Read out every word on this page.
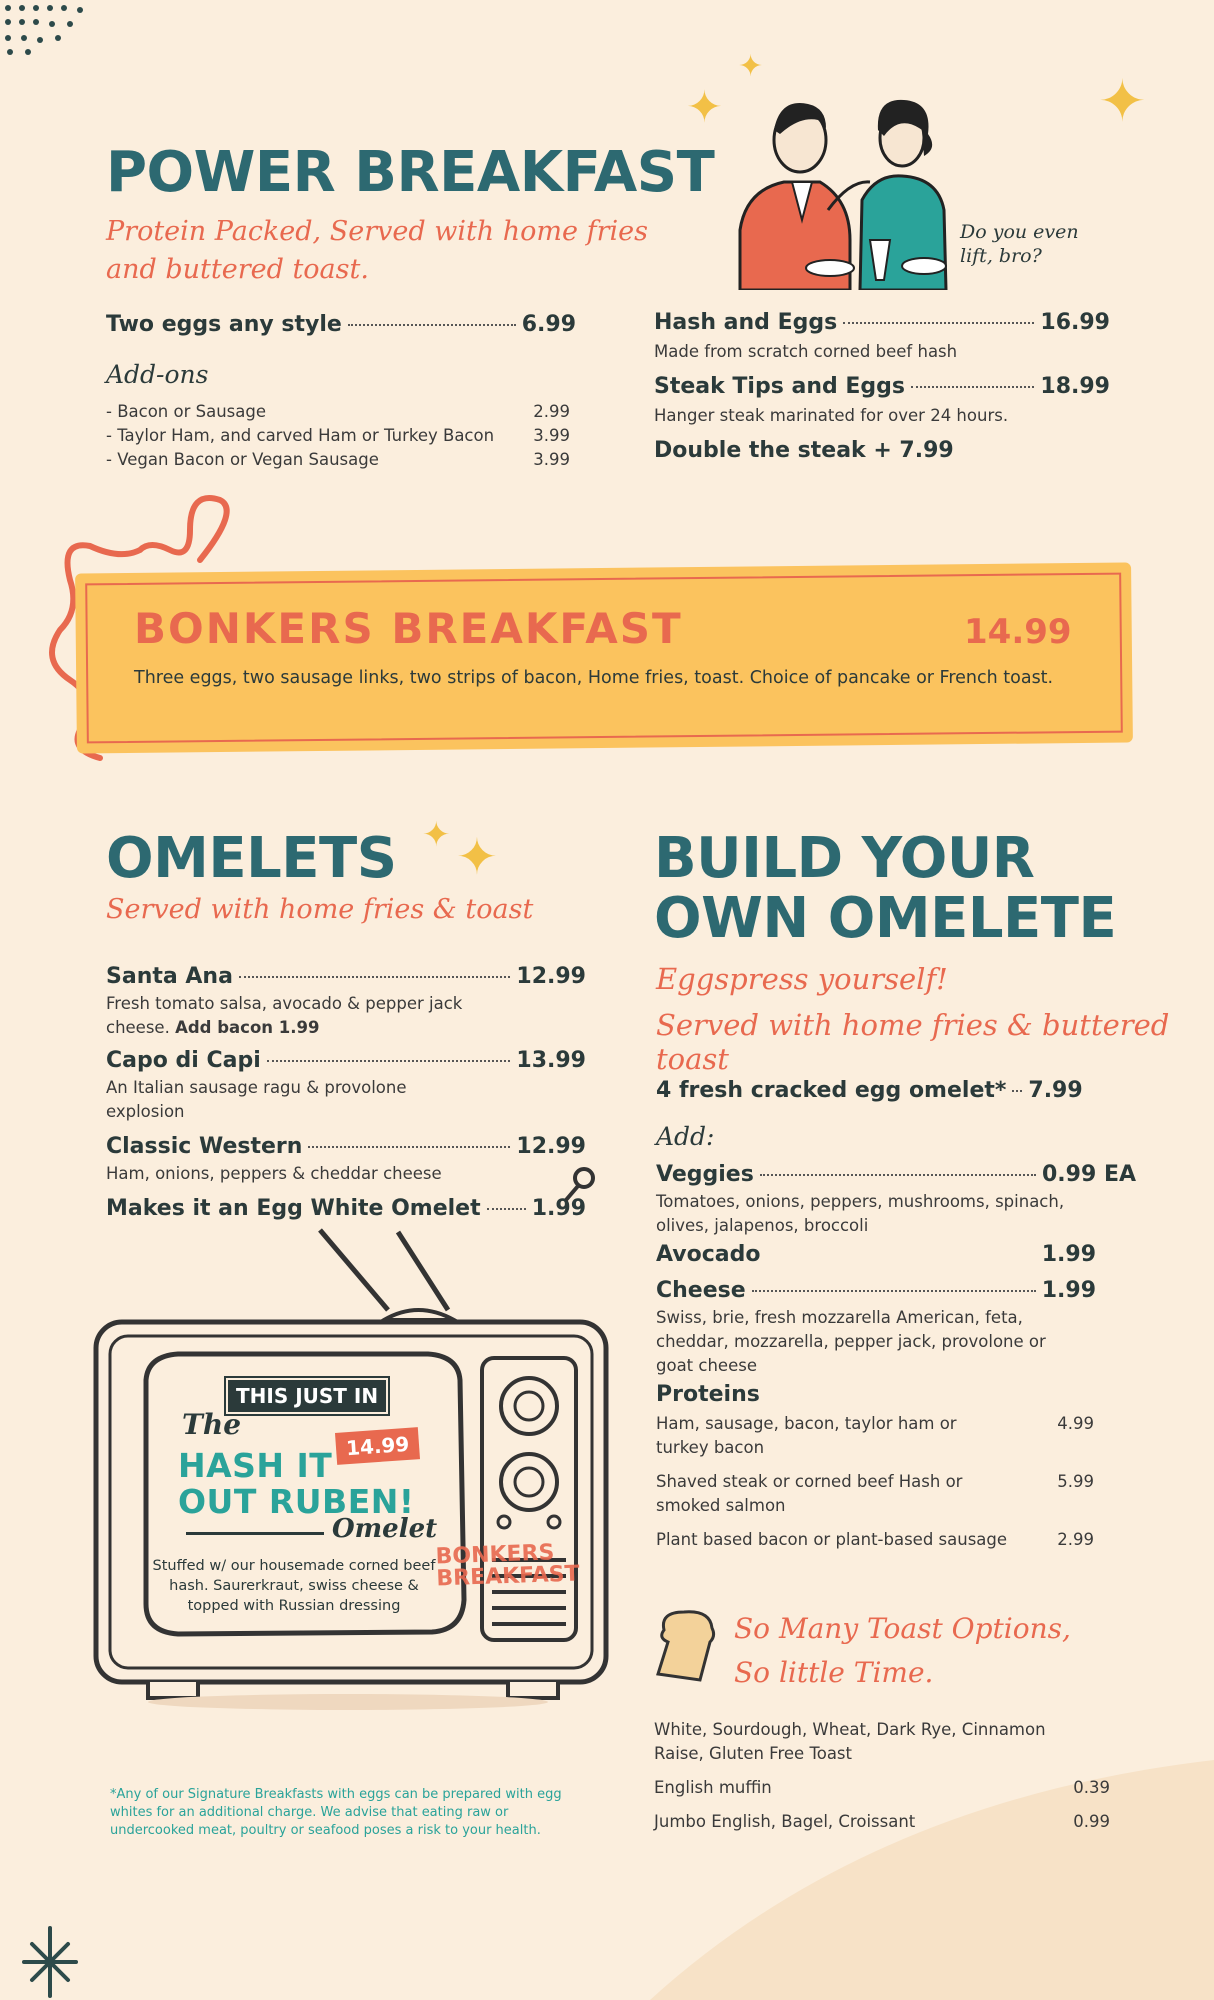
POWER BREAKFAST
Protein Packed, Served with home fries
and buttered toast.
Two eggs any style	6.99
Add-ons
- Bacon or Sausage	2.99
- Taylor Ham, and carved Ham or Turkey Bacon 3.99
- Vegan Bacon or Vegan Sausage	3.99
Do you even lift, bro?
✦
✦
✦
Hash and Eggs	16.99
Made from scratch corned beef hash
Steak Tips and Eggs	18.99
Hanger steak marinated for over 24 hours.
Double the steak + 7.99
BONKERS BREAKFAST	14.99
Three eggs, two sausage links, two strips of bacon, Home fries, toast. Choice of pancake or French toast.
OMELETS ✦ ✦
Served with home fries & toast
Santa Ana	12.99
Fresh tomato salsa, avocado & pepper jack cheese. Add bacon 1.99
Capo di Capi	13.99
An Italian sausage ragu & provolone explosion
Classic Western	12.99
Ham, onions, peppers & cheddar cheese
Makes it an Egg White Omelet 1.99
THIS JUST IN
The
HASH IT 14.99
OUT RUBEN!
Omelet
Stuffed w/ our housemade corned beef hash. Saurerkraut, swiss cheese & topped with Russian dressing
BONKERS
BREAKFAST
*Any of our Signature Breakfasts with eggs can be prepared with egg whites for an additional charge. We advise that eating raw or undercooked meat, poultry or seafood poses a risk to your health.
BUILD YOUR
OWN OMELETE
Eggspress yourself!
Served with home fries & buttered toast
4 fresh cracked egg omelet* 7.99
Add:
Veggies	0.99 EA
Tomatoes, onions, peppers, mushrooms, spinach, olives, jalapenos, broccoli
Avocado	1.99
Cheese	1.99
Swiss, brie, fresh mozzarella American, feta, cheddar, mozzarella, pepper jack, provolone or goat cheese
Proteins
Ham, sausage, bacon, taylor ham or turkey bacon
4.99
Shaved steak or corned beef Hash or smoked salmon
5.99
Plant based bacon or plant-based sausage	2.99
So Many Toast Options,
So little Time.
White, Sourdough, Wheat, Dark Rye, Cinnamon Raise, Gluten Free Toast
English muffin	0.39
Jumbo English, Bagel, Croissant	0.99
